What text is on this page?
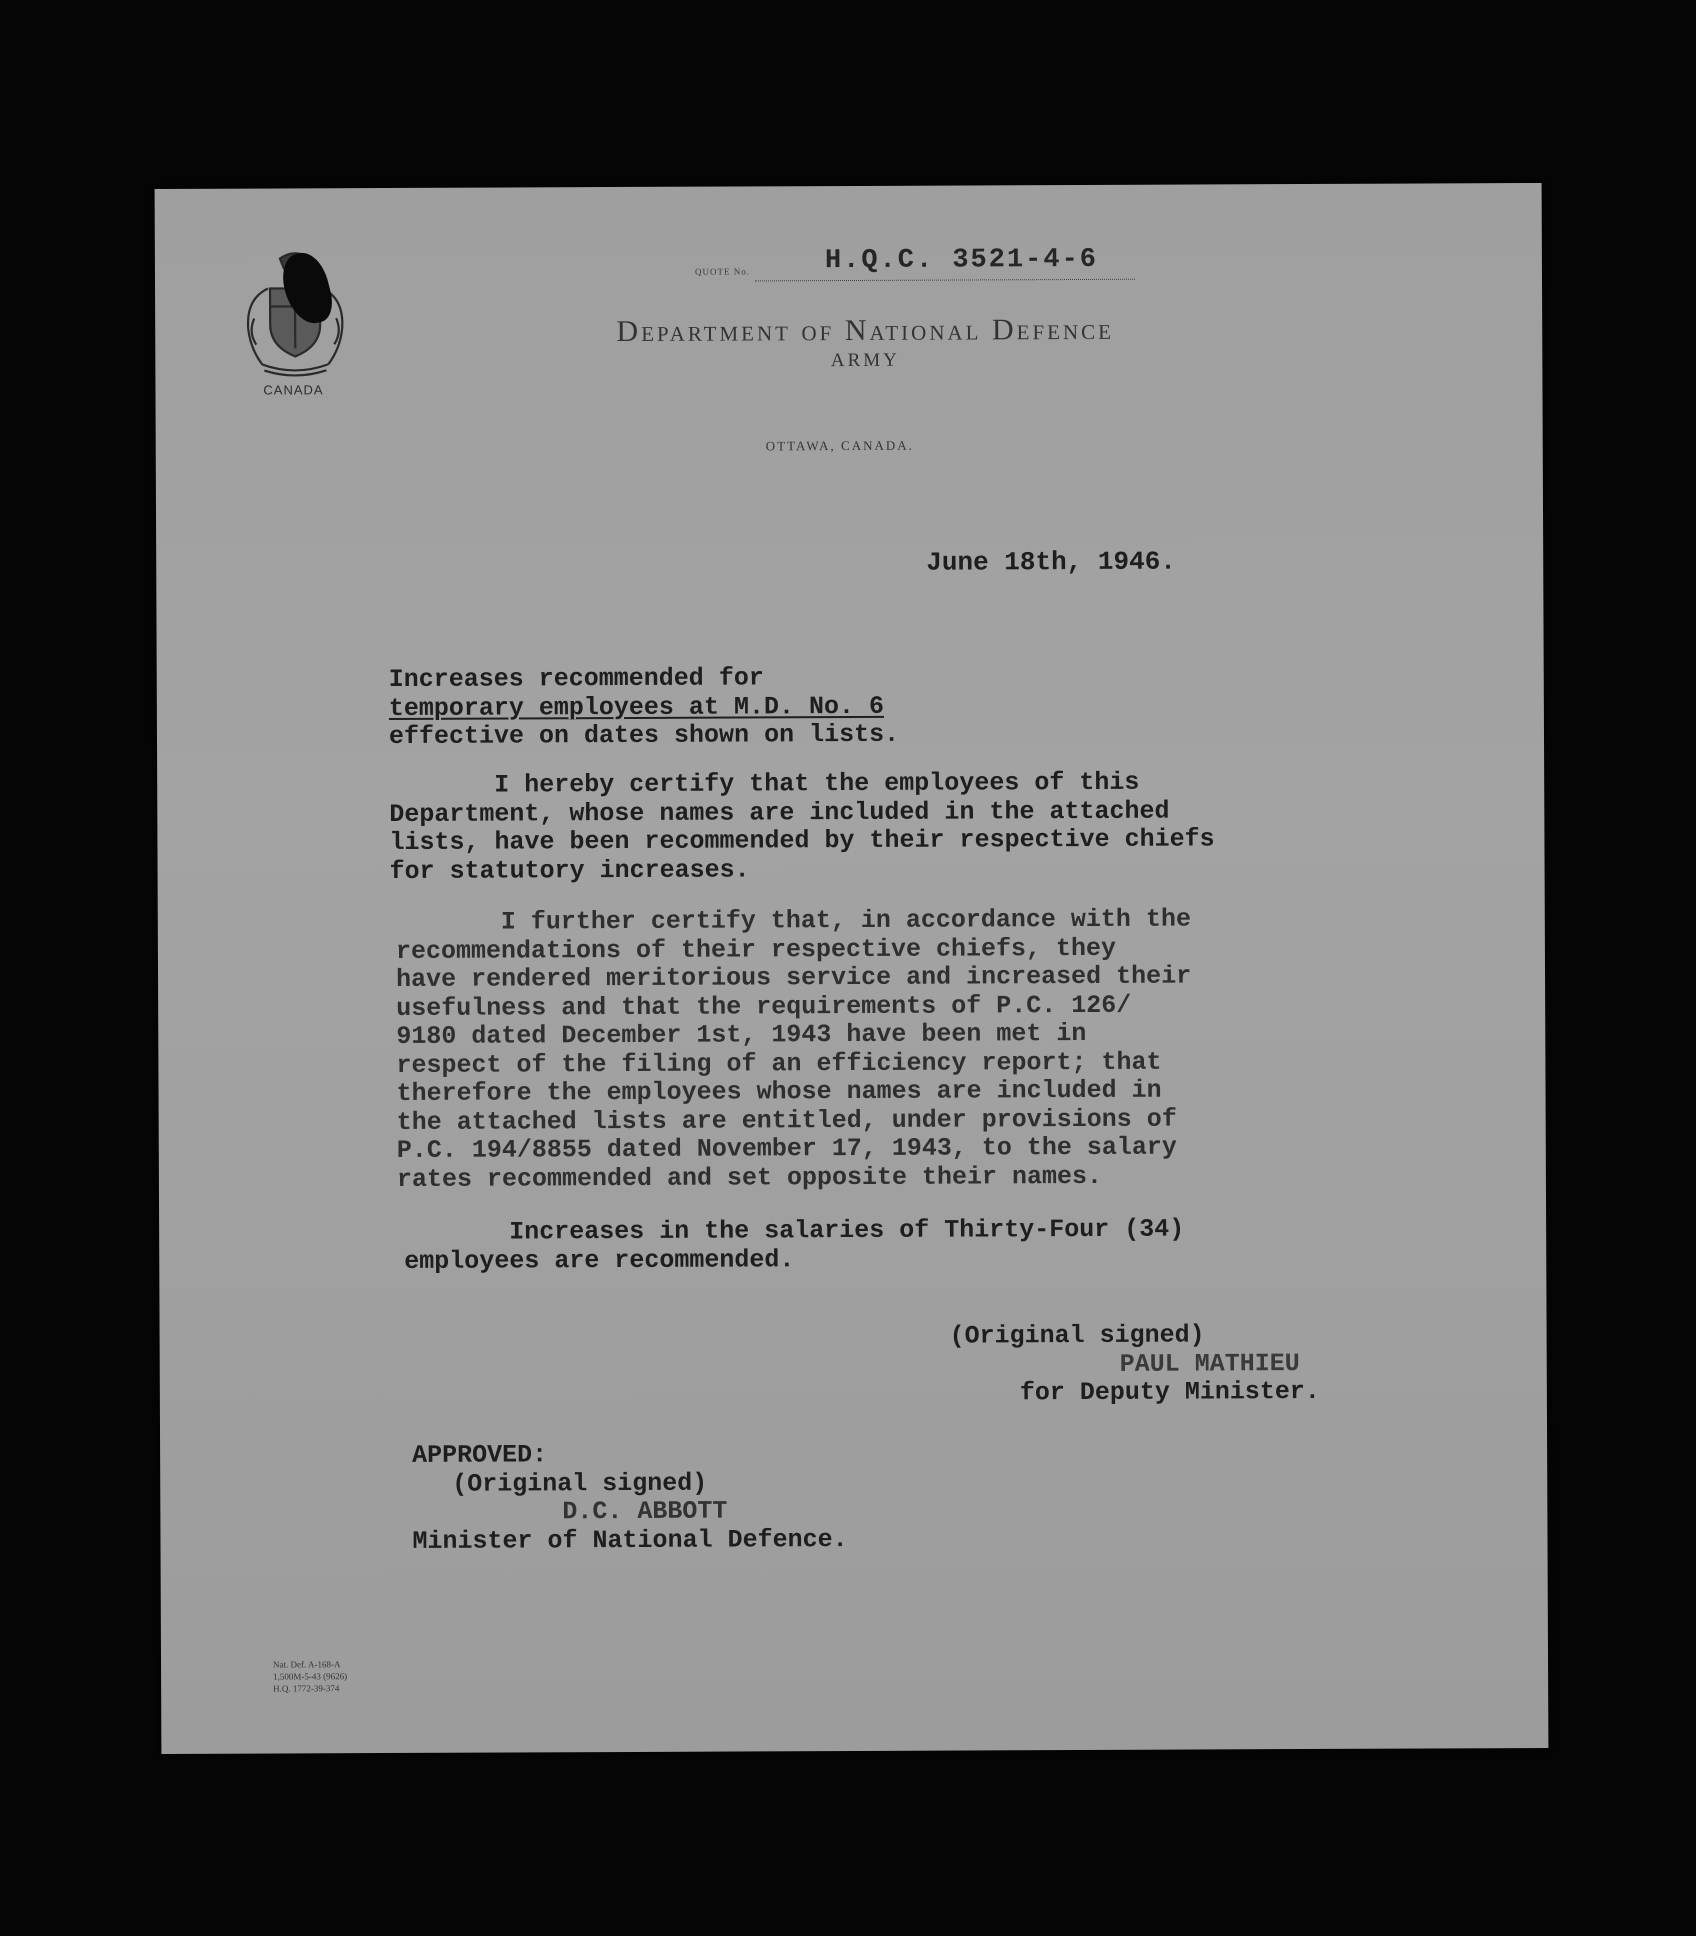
CANADA
QUOTE No.	H.Q.C. 3521-4-6
Department of National Defence
ARMY
OTTAWA, CANADA.
June 18th, 1946.
Increases recommended for
temporary employees at M.D. No. 6
effective on dates shown on lists.
I hereby certify that the employees of this
Department, whose names are included in the attached
lists, have been recommended by their respective chiefs
for statutory increases.
I further certify that, in accordance with the
recommendations of their respective chiefs, they
have rendered meritorious service and increased their
usefulness and that the requirements of P.C. 126/
9180 dated December 1st, 1943 have been met in
respect of the filing of an efficiency report; that
therefore the employees whose names are included in
the attached lists are entitled, under provisions of
P.C. 194/8855 dated November 17, 1943, to the salary
rates recommended and set opposite their names.
Increases in the salaries of Thirty-Four (34)
employees are recommended.
(Original signed)
PAUL MATHIEU
for Deputy Minister.
APPROVED:
(Original signed)
D.C. ABBOTT
Minister of National Defence.
Nat. Def. A-168-A
1,500M-5-43 (9626)
H.Q. 1772-39-374
